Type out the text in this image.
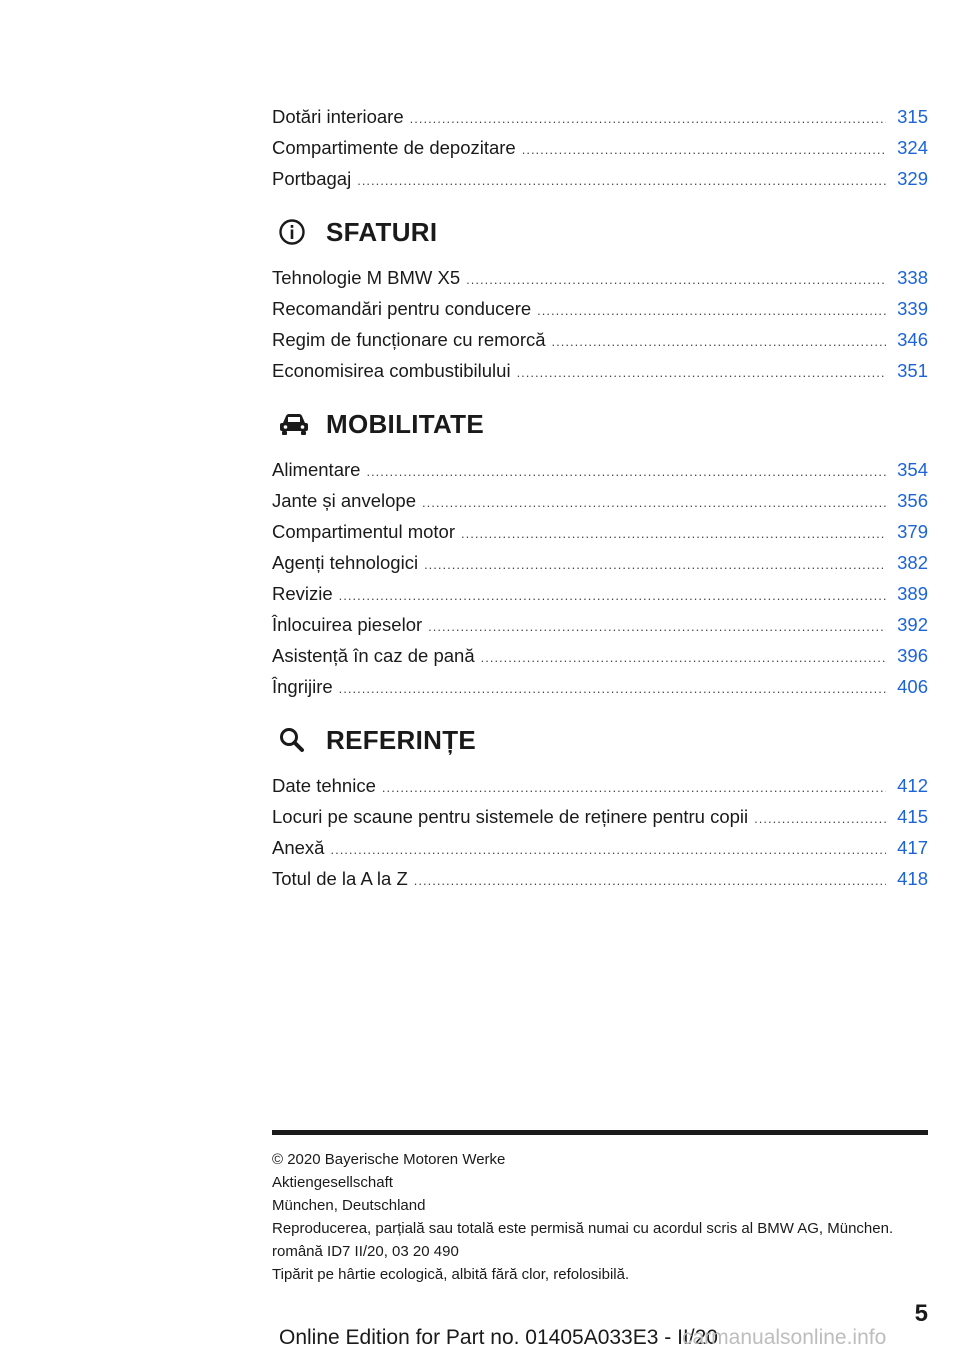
Dotări interioare .....	315
Compartimente de depozitare .....	324
Portbagaj .....	329
SFATURI
Tehnologie M BMW X5 .....	338
Recomandări pentru conducere .....	339
Regim de funcționare cu remorcă .....	346
Economisirea combustibilului .....	351
MOBILITATE
Alimentare .....	354
Jante și anvelope .....	356
Compartimentul motor .....	379
Agenți tehnologici .....	382
Revizie .....	389
Înlocuirea pieselor .....	392
Asistență în caz de pană .....	396
Îngrijire .....	406
REFERINȚE
Date tehnice .....	412
Locuri pe scaune pentru sistemele de reținere pentru copii .....	415
Anexă .....	417
Totul de la A la Z .....	418
© 2020 Bayerische Motoren Werke
Aktiengesellschaft
München, Deutschland
Reproducerea, parțială sau totală este permisă numai cu acordul scris al BMW AG, München.
română ID7 II/20, 03 20 490
Tipărit pe hârtie ecologică, albită fără clor, refolosibilă.
5
Online Edition for Part no. 01405A033E3 - II/20
carmanualsonline.info
